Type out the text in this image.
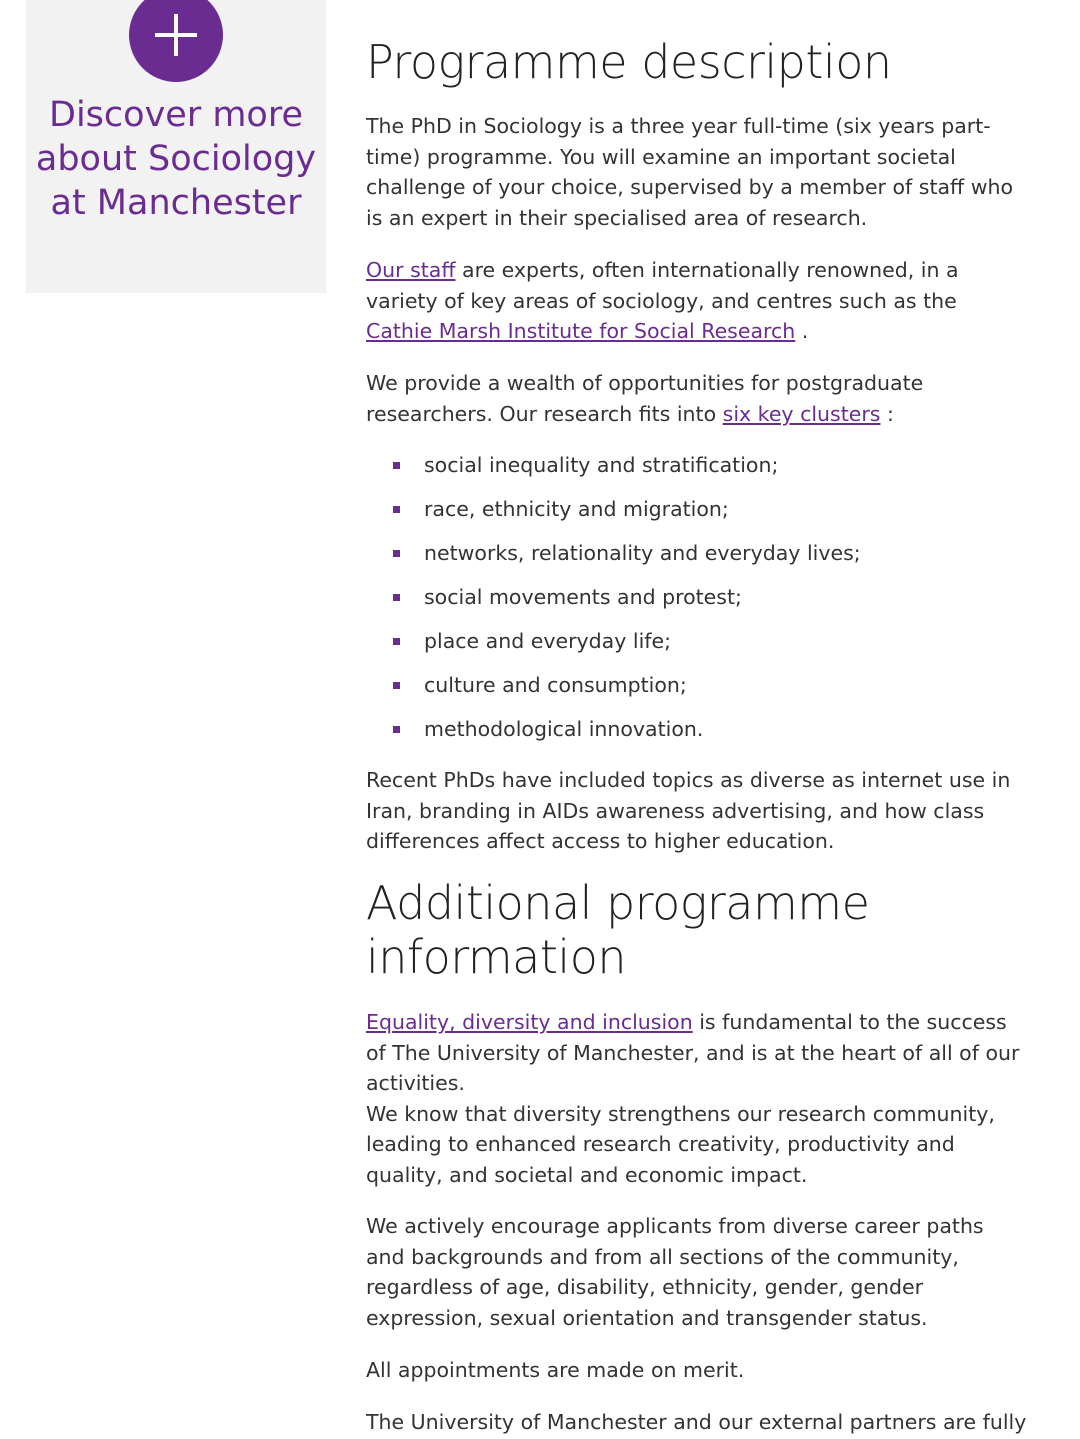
Discover more about Sociology at Manchester
Programme description

The PhD in Sociology is a three year full-time (six years part-time) programme. You will examine an important societal challenge of your choice, supervised by a member of staff who is an expert in their specialised area of research.

Our staff are experts, often internationally renowned, in a variety of key areas of sociology, and centres such as the Cathie Marsh Institute for Social Research .

We provide a wealth of opportunities for postgraduate researchers. Our research fits into six key clusters :

social inequality and stratification;
race, ethnicity and migration;
networks, relationality and everyday lives;
social movements and protest;
place and everyday life;
culture and consumption;
methodological innovation.

Recent PhDs have included topics as diverse as internet use in Iran, branding in AIDs awareness advertising, and how class differences affect access to higher education.

Additional programme information

Equality, diversity and inclusion is fundamental to the success of The University of Manchester, and is at the heart of all of our activities.
We know that diversity strengthens our research community, leading to enhanced research creativity, productivity and quality, and societal and economic impact.

We actively encourage applicants from diverse career paths and backgrounds and from all sections of the community, regardless of age, disability, ethnicity, gender, gender expression, sexual orientation and transgender status.

All appointments are made on merit.

The University of Manchester and our external partners are fully
